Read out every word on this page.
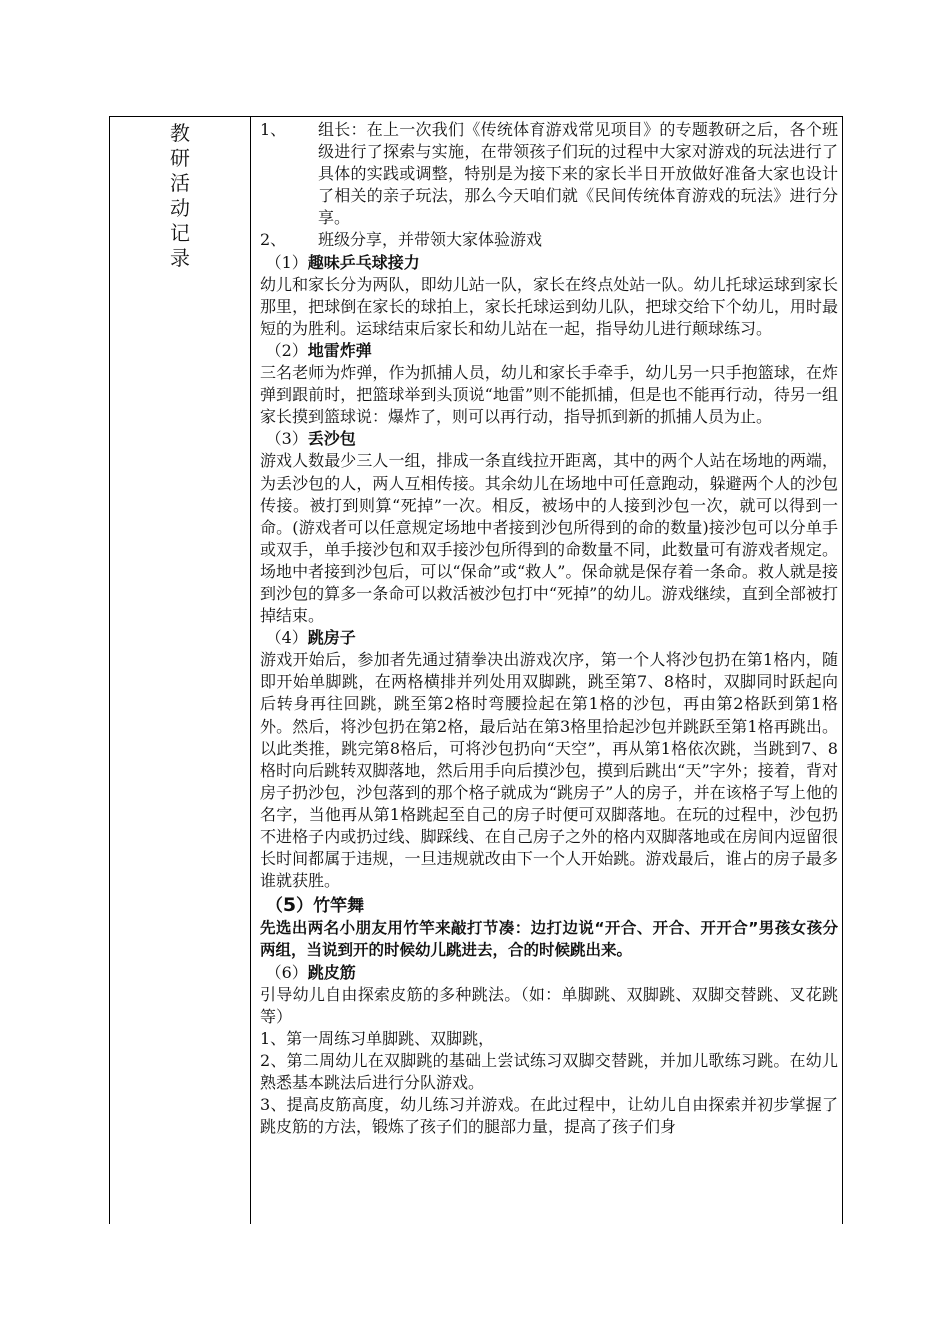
教
研
活
动
记
录
1、	组长：在上一次我们《传统体育游戏常见项目》的专题教研之后，各个班级进行了探索与实施，在带领孩子们玩的过程中大家对游戏的玩法进行了具体的实践或调整，特别是为接下来的家长半日开放做好准备大家也设计了相关的亲子玩法，那么今天咱们就《民间传统体育游戏的玩法》进行分享。
2、	班级分享，并带领大家体验游戏
（1）趣味乒乓球接力
幼儿和家长分为两队，即幼儿站一队，家长在终点处站一队。幼儿托球运球到家长那里，把球倒在家长的球拍上，家长托球运到幼儿队，把球交给下个幼儿，用时最短的为胜利。运球结束后家长和幼儿站在一起，指导幼儿进行颠球练习。
（2）地雷炸弹
三名老师为炸弹，作为抓捕人员，幼儿和家长手牵手，幼儿另一只手抱篮球，在炸弹到跟前时，把篮球举到头顶说“地雷”则不能抓捕，但是也不能再行动，待另一组家长摸到篮球说：爆炸了，则可以再行动，指导抓到新的抓捕人员为止。
（3）丢沙包
游戏人数最少三人一组，排成一条直线拉开距离，其中的两个人站在场地的两端，为丢沙包的人，两人互相传接。其余幼儿在场地中可任意跑动，躲避两个人的沙包传接。被打到则算“死掉”一次。相反，被场中的人接到沙包一次，就可以得到一命。(游戏者可以任意规定场地中者接到沙包所得到的命的数量)接沙包可以分单手或双手，单手接沙包和双手接沙包所得到的命数量不同，此数量可有游戏者规定。场地中者接到沙包后，可以“保命”或“救人”。保命就是保存着一条命。救人就是接到沙包的算多一条命可以救活被沙包打中“死掉”的幼儿。游戏继续，直到全部被打掉结束。
（4）跳房子
游戏开始后，参加者先通过猜拳决出游戏次序，第一个人将沙包扔在第1格内，随即开始单脚跳，在两格横排并列处用双脚跳，跳至第7、8格时，双脚同时跃起向后转身再往回跳，跳至第2格时弯腰捡起在第1格的沙包，再由第2格跃到第1格外。然后，将沙包扔在第2格，最后站在第3格里拾起沙包并跳跃至第1格再跳出。以此类推，跳完第8格后，可将沙包扔向“天空”，再从第1格依次跳，当跳到7、8格时向后跳转双脚落地，然后用手向后摸沙包，摸到后跳出“天”字外；接着，背对房子扔沙包，沙包落到的那个格子就成为“跳房子”人的房子，并在该格子写上他的名字，当他再从第1格跳起至自己的房子时便可双脚落地。在玩的过程中，沙包扔不进格子内或扔过线、脚踩线、在自己房子之外的格内双脚落地或在房间内逗留很长时间都属于违规，一旦违规就改由下一个人开始跳。游戏最后，谁占的房子最多谁就获胜。
（5）竹竿舞
先选出两名小朋友用竹竿来敲打节凑：边打边说“开合、开合、开开合”男孩女孩分两组，当说到开的时候幼儿跳进去，合的时候跳出来。
（6）跳皮筋
引导幼儿自由探索皮筋的多种跳法。（如：单脚跳、双脚跳、双脚交替跳、叉花跳等）
1、第一周练习单脚跳、双脚跳，
2、第二周幼儿在双脚跳的基础上尝试练习双脚交替跳，并加儿歌练习跳。在幼儿熟悉基本跳法后进行分队游戏。
3、提高皮筋高度，幼儿练习并游戏。在此过程中，让幼儿自由探索并初步掌握了跳皮筋的方法，锻炼了孩子们的腿部力量，提高了孩子们身
